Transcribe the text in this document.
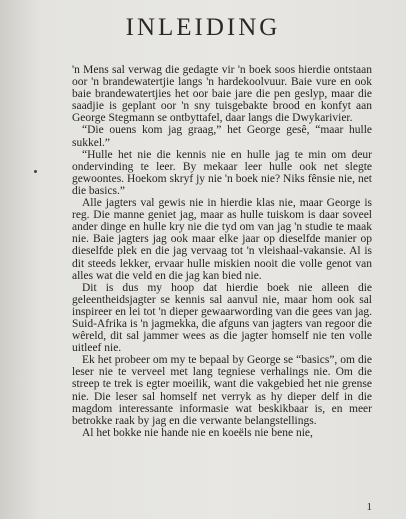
INLEIDING

'n Mens sal verwag die gedagte vir 'n boek soos hierdie ontstaan oor 'n brandewatertjie langs 'n hardekoolvuur. Baie vure en ook baie brandewatertjies het oor baie jare die pen geslyp, maar die saadjie is geplant oor 'n sny tuisgebakte brood en konfyt aan George Stegmann se ontbyttafel, daar langs die Dwykarivier.

“Die ouens kom jag graag,” het George gesê, “maar hulle sukkel.”

“Hulle het nie die kennis nie en hulle jag te min om deur ondervinding te leer. By mekaar leer hulle ook net slegte gewoontes. Hoekom skryf jy nie 'n boek nie? Niks fênsie nie, net die basics.”

Alle jagters val gewis nie in hierdie klas nie, maar George is reg. Die manne geniet jag, maar as hulle tuiskom is daar soveel ander dinge en hulle kry nie die tyd om van jag 'n studie te maak nie. Baie jagters jag ook maar elke jaar op dieselfde manier op dieselfde plek en die jag vervaag tot 'n vleishaal-vakansie. Al is dit steeds lekker, ervaar hulle miskien nooit die volle genot van alles wat die veld en die jag kan bied nie.

Dit is dus my hoop dat hierdie boek nie alleen die geleentheidsjagter se kennis sal aanvul nie, maar hom ook sal inspireer en lei tot 'n dieper gewaarwording van die gees van jag. Suid-Afrika is 'n jagmekka, die afguns van jagters van regoor die wêreld, dit sal jammer wees as die jagter homself nie ten volle uitleef nie.

Ek het probeer om my te bepaal by George se “basics”, om die leser nie te verveel met lang tegniese verhalings nie. Om die streep te trek is egter moeilik, want die vakgebied het nie grense nie. Die leser sal homself net verryk as hy dieper delf in die magdom interessante informasie wat beskikbaar is, en meer betrokke raak by jag en die verwante belangstellings.

Al het bokke nie hande nie en koeëls nie bene nie,

1
